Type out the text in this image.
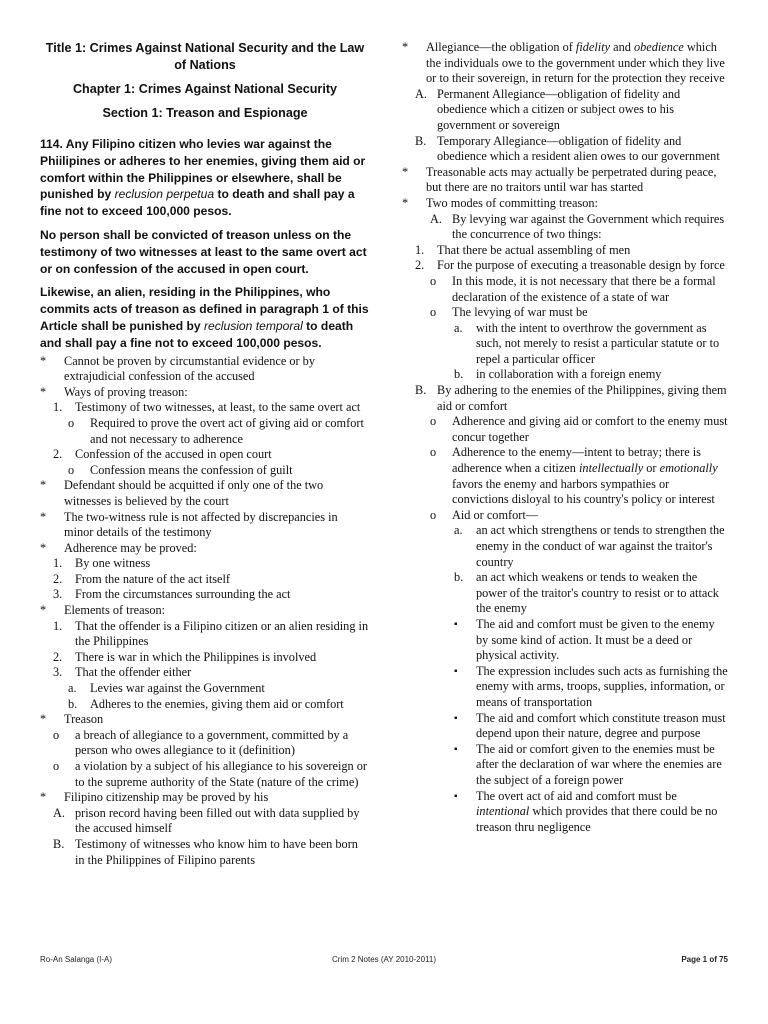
Title 1: Crimes Against National Security and the Law of Nations

Chapter 1: Crimes Against National Security

Section 1: Treason and Espionage

114. Any Filipino citizen who levies war against the Phiilipines or adheres to her enemies, giving them aid or comfort within the Philippines or elsewhere, shall be punished by reclusion perpetua to death and shall pay a fine not to exceed 100,000 pesos.

No person shall be convicted of treason unless on the testimony of two witnesses at least to the same overt act or on confession of the accused in open court.

Likewise, an alien, residing in the Philippines, who commits acts of treason as defined in paragraph 1 of this Article shall be punished by reclusion temporal to death and shall pay a fine not to exceed 100,000 pesos.

*	Cannot be proven by circumstantial evidence or by extrajudicial confession of the accused
*	Ways of proving treason:
1.	Testimony of two witnesses, at least, to the same overt act
o	Required to prove the overt act of giving aid or comfort and not necessary to adherence
2.	Confession of the accused in open court
o	Confession means the confession of guilt
*	Defendant should be acquitted if only one of the two witnesses is believed by the court
*	The two-witness rule is not affected by discrepancies in minor details of the testimony
*	Adherence may be proved:
1.	By one witness
2.	From the nature of the act itself
3.	From the circumstances surrounding the act
*	Elements of treason:
1.	That the offender is a Filipino citizen or an alien residing in the Philippines
2.	There is war in which the Philippines is involved
3.	That the offender either
a.	Levies war against the Government
b.	Adheres to the enemies, giving them aid or comfort
*	Treason
o	a breach of allegiance to a government, committed by a person who owes allegiance to it (definition)
o	a violation by a subject of his allegiance to his sovereign or to the supreme authority of the State (nature of the crime)
*	Filipino citizenship may be proved by his
A. prison record having been filled out with data supplied by the accused himself
B. Testimony of witnesses who know him to have been born in the Philippines of Filipino parents
*	Allegiance—the obligation of fidelity and obedience which the individuals owe to the government under which they live or to their sovereign, in return for the protection they receive
A. Permanent Allegiance—obligation of fidelity and obedience which a citizen or subject owes to his government or sovereign
B. Temporary Allegiance—obligation of fidelity and obedience which a resident alien owes to our government
*	Treasonable acts may actually be perpetrated during peace, but there are no traitors until war has started
*	Two modes of committing treason:
A. By levying war against the Government which requires the concurrence of two things:
1.	That there be actual assembling of men
2.	For the purpose of executing a treasonable design by force
o	In this mode, it is not necessary that there be a formal declaration of the existence of a state of war
o	The levying of war must be
a.	with the intent to overthrow the government as such, not merely to resist a particular statute or to repel a particular officer
b.	in collaboration with a foreign enemy
B. By adhering to the enemies of the Philippines, giving them aid or comfort
o	Adherence and giving aid or comfort to the enemy must concur together
o	Adherence to the enemy—intent to betray; there is adherence when a citizen intellectually or emotionally favors the enemy and harbors sympathies or convictions disloyal to his country's policy or interest
o	Aid or comfort—
a.	an act which strengthens or tends to strengthen the enemy in the conduct of war against the traitor's country
b.	an act which weakens or tends to weaken the power of the traitor's country to resist or to attack the enemy
▪	The aid and comfort must be given to the enemy by some kind of action. It must be a deed or physical activity.
▪	The expression includes such acts as furnishing the enemy with arms, troops, supplies, information, or means of transportation
▪	The aid and comfort which constitute treason must depend upon their nature, degree and purpose
▪	The aid or comfort given to the enemies must be after the declaration of war where the enemies are the subject of a foreign power
▪	The overt act of aid and comfort must be intentional which provides that there could be no treason thru negligence
Ro-An Salanga (I-A)	Crim 2 Notes (AY 2010-2011)	Page 1 of 75
